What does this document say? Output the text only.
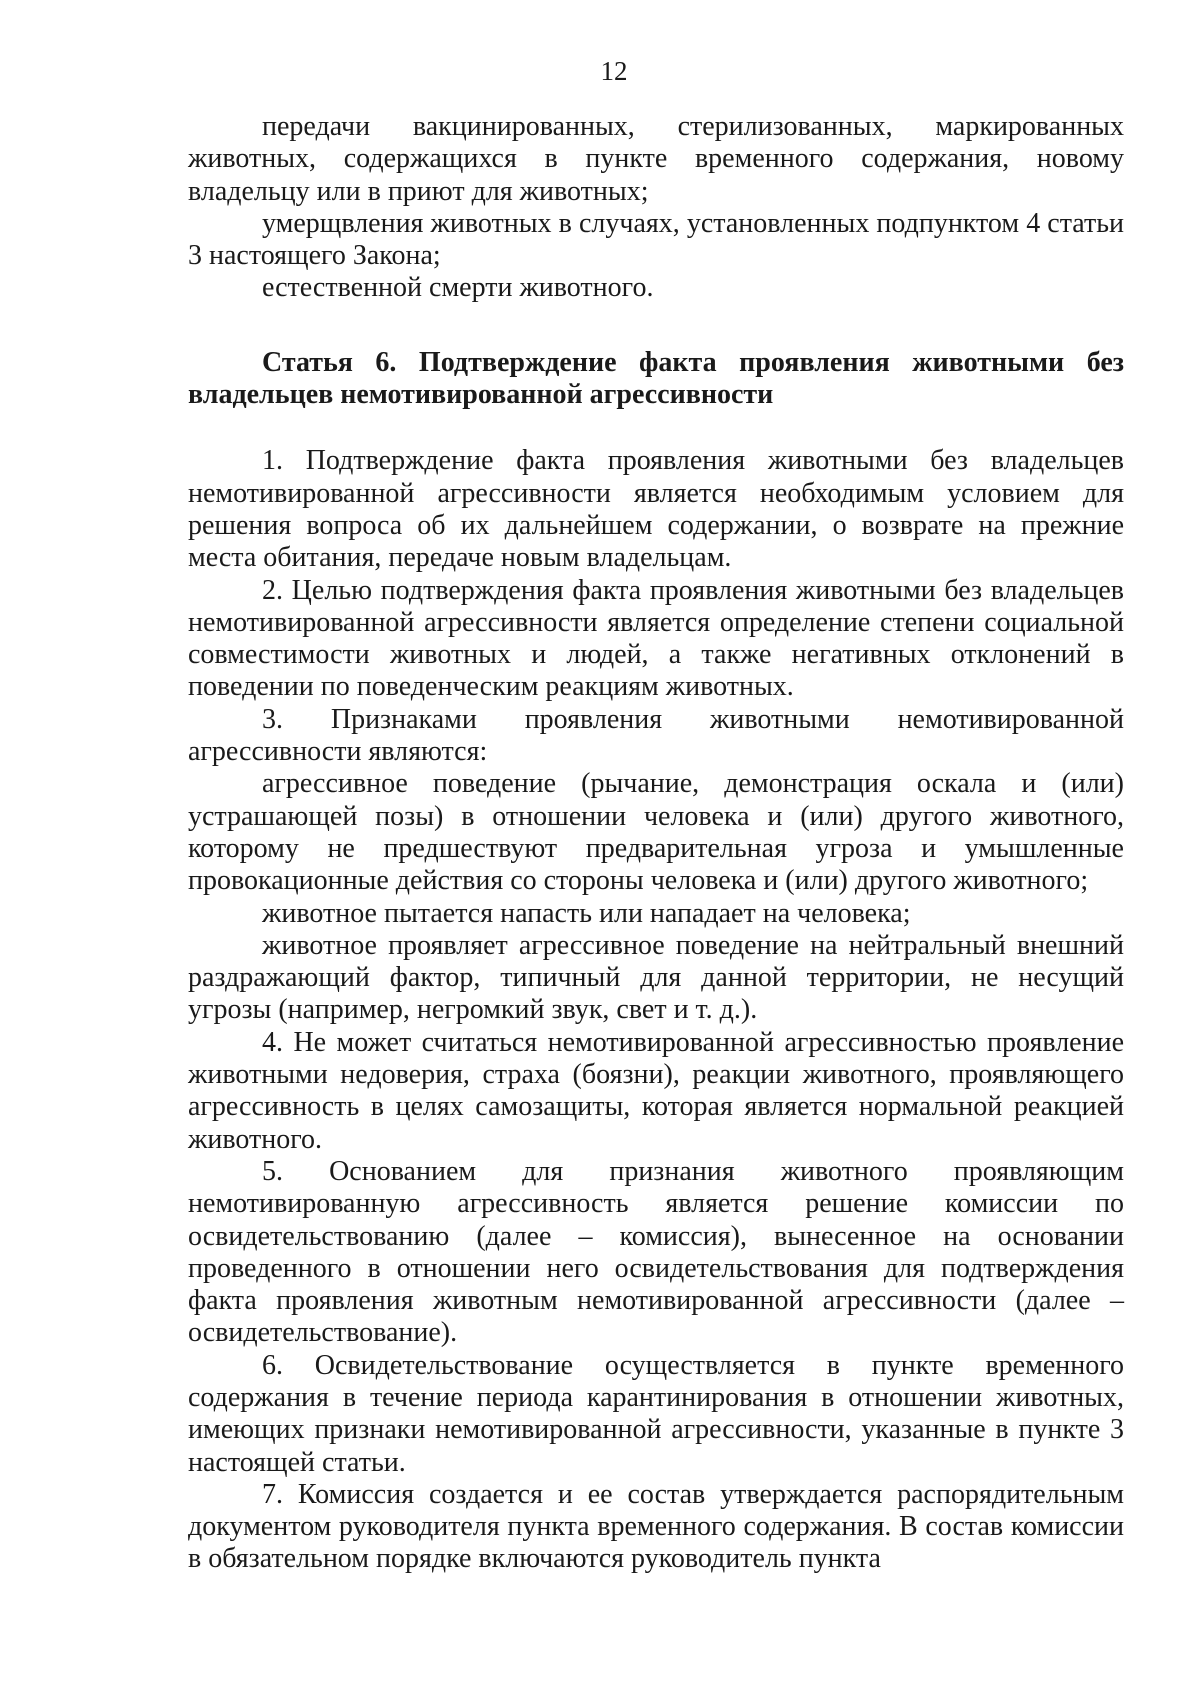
12

передачи вакцинированных, стерилизованных, маркированных животных, содержащихся в пункте временного содержания, новому владельцу или в приют для животных;

умерщвления животных в случаях, установленных подпунктом 4 статьи 3 настоящего Закона;

естественной смерти животного.

Статья 6. Подтверждение факта проявления животными без владельцев немотивированной агрессивности

1. Подтверждение факта проявления животными без владельцев немотивированной агрессивности является необходимым условием для решения вопроса об их дальнейшем содержании, о возврате на прежние места обитания, передаче новым владельцам.

2. Целью подтверждения факта проявления животными без владельцев немотивированной агрессивности является определение степени социальной совместимости животных и людей, а также негативных отклонений в поведении по поведенческим реакциям животных.

3. Признаками проявления животными немотивированной агрессивности являются:

агрессивное поведение (рычание, демонстрация оскала и (или) устрашающей позы) в отношении человека и (или) другого животного, которому не предшествуют предварительная угроза и умышленные провокационные действия со стороны человека и (или) другого животного;

животное пытается напасть или нападает на человека;

животное проявляет агрессивное поведение на нейтральный внешний раздражающий фактор, типичный для данной территории, не несущий угрозы (например, негромкий звук, свет и т. д.).

4. Не может считаться немотивированной агрессивностью проявление животными недоверия, страха (боязни), реакции животного, проявляющего агрессивность в целях самозащиты, которая является нормальной реакцией животного.

5. Основанием для признания животного проявляющим немотивированную агрессивность является решение комиссии по освидетельствованию (далее – комиссия), вынесенное на основании проведенного в отношении него освидетельствования для подтверждения факта проявления животным немотивированной агрессивности (далее – освидетельствование).

6. Освидетельствование осуществляется в пункте временного содержания в течение периода карантинирования в отношении животных, имеющих признаки немотивированной агрессивности, указанные в пункте 3 настоящей статьи.

7. Комиссия создается и ее состав утверждается распорядительным документом руководителя пункта временного содержания. В состав комиссии в обязательном порядке включаются руководитель пункта
